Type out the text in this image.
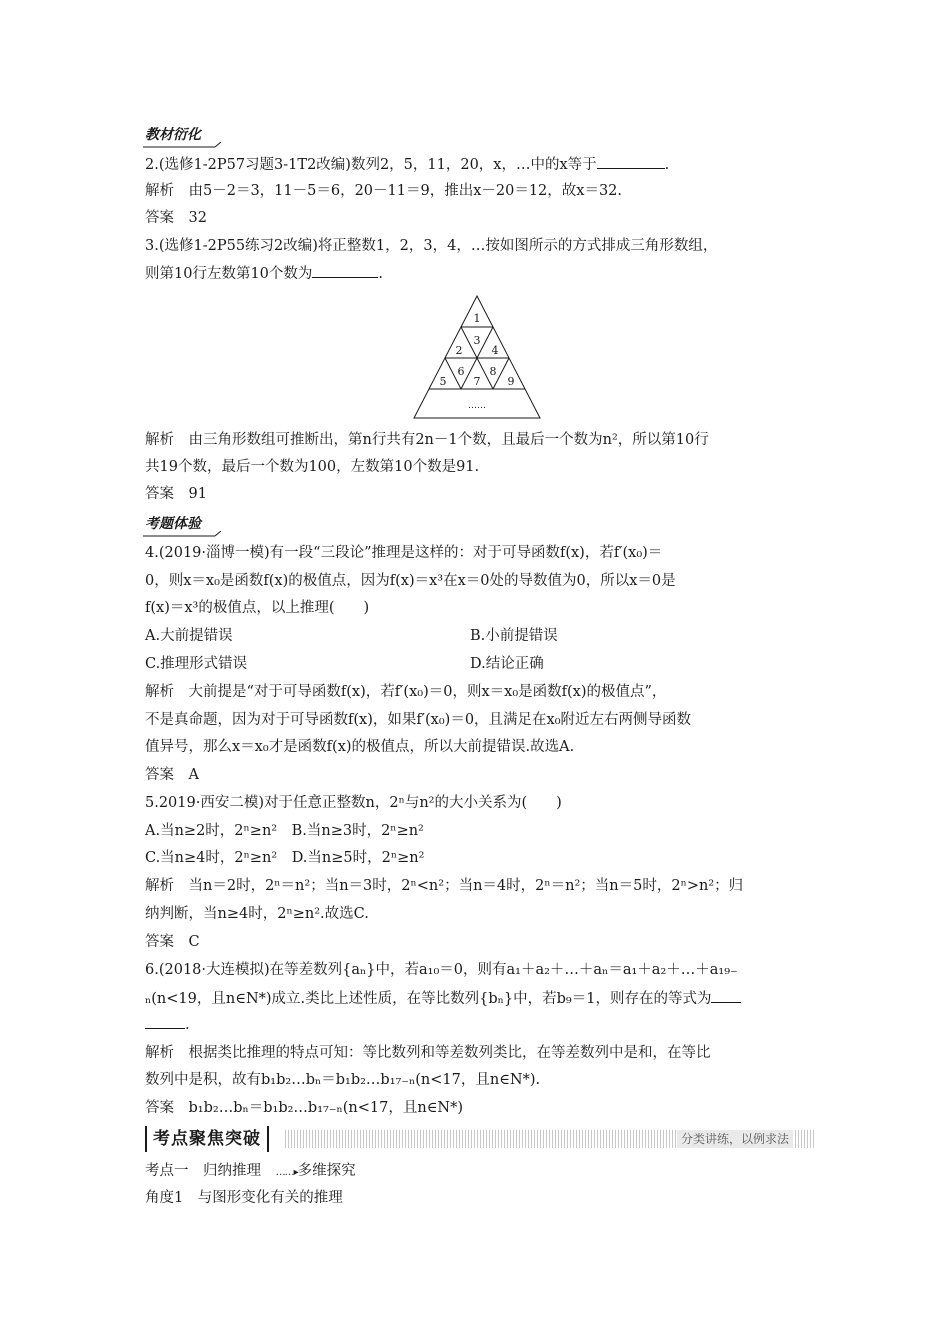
教材衍化
2.(选修1-2P57习题3-1T2改编)数列2，5，11，20，x，…中的x等于	.
解析　由5－2＝3，11－5＝6，20－11＝9，推出x－20＝12，故x＝32.
答案　32
3.(选修1-2P55练习2改编)将正整数1，2，3，4，…按如图所示的方式排成三角形数组，
则第10行左数第10个数为	.
1
2
3
4
5
6
7
8
9
……
解析　由三角形数组可推断出，第n行共有2n－1个数，且最后一个数为n²，所以第10行
共19个数，最后一个数为100，左数第10个数是91.
答案　91
考题体验
4.(2019·淄博一模)有一段“三段论”推理是这样的：对于可导函数f(x)，若f′(x₀)＝
0，则x＝x₀是函数f(x)的极值点，因为f(x)＝x³在x＝0处的导数值为0，所以x＝0是
f(x)＝x³的极值点，以上推理(　　)
A.大前提错误	B.小前提错误
C.推理形式错误	D.结论正确
解析　大前提是“对于可导函数f(x)，若f′(x₀)＝0，则x＝x₀是函数f(x)的极值点”，
不是真命题，因为对于可导函数f(x)，如果f′(x₀)＝0，且满足在x₀附近左右两侧导函数
值异号，那么x＝x₀才是函数f(x)的极值点，所以大前提错误.故选A.
答案　A
5.2019·西安二模)对于任意正整数n，2ⁿ与n²的大小关系为(　　)
A.当n≥2时，2ⁿ≥n²　B.当n≥3时，2ⁿ≥n²
C.当n≥4时，2ⁿ≥n²　D.当n≥5时，2ⁿ≥n²
解析　当n＝2时，2ⁿ＝n²；当n＝3时，2ⁿ<n²；当n＝4时，2ⁿ＝n²；当n＝5时，2ⁿ>n²；归
纳判断，当n≥4时，2ⁿ≥n².故选C.
答案　C
6.(2018·大连模拟)在等差数列{aₙ}中，若a₁₀＝0，则有a₁＋a₂＋…＋aₙ＝a₁＋a₂＋…＋a₁₉₋
ₙ(n<19，且n∈N*)成立.类比上述性质，在等比数列{bₙ}中，若b₉＝1，则存在的等式为
.
解析　根据类比推理的特点可知：等比数列和等差数列类比，在等差数列中是和，在等比
数列中是积，故有b₁b₂…bₙ＝b₁b₂…b₁₇₋ₙ(n<17，且n∈N*).
答案　b₁b₂…bₙ＝b₁b₂…b₁₇₋ₙ(n<17，且n∈N*)
考点聚焦突破	分类讲练，以例求法
考点一　归纳推理 ……▸多维探究
角度1　与图形变化有关的推理
